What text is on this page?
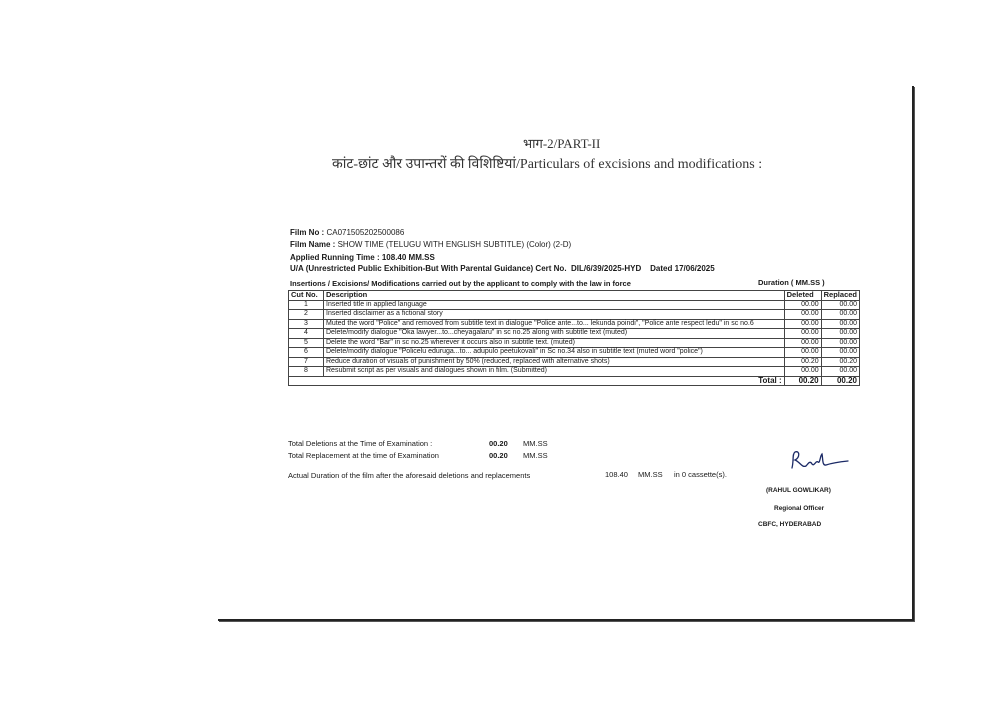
भाग-2/PART-II
कांट-छांट और उपान्तरों की विशिष्टियां/Particulars of excisions and modifications :
Film No : CA071505202500086
Film Name : SHOW TIME (TELUGU WITH ENGLISH SUBTITLE) (Color) (2-D)
Applied Running Time : 108.40 MM.SS
U/A (Unrestricted Public Exhibition-But With Parental Guidance) Cert No. DIL/6/39/2025-HYD Dated 17/06/2025
Insertions / Excisions/ Modifications carried out by the applicant to comply with the law in force	Duration ( MM.SS )
Cut No.	Description	Deleted	Replaced
1	Inserted title in applied language	00.00	00.00
2	Inserted disclaimer as a fictional story	00.00	00.00
3	Muted the word "Police" and removed from subtitle text in dialogue "Police ante...to... lekunda poindi", "Police ante respect ledu" in sc no.6	00.00	00.00
4	Delete/modify dialogue "Oka lawyer...to...cheyagalaru" in sc no.25 along with subtitle text (muted)	00.00	00.00
5	Delete the word "Bar" in sc no.25 wherever it occurs also in subtitle text. (muted)	00.00	00.00
6	Delete/modify dialogue "Policelu eduruga...to... adupulo peetukovali" in Sc no.34 also in subtitle text (muted word "police")	00.00	00.00
7	Reduce duration of visuals of punishment by 50% (reduced, replaced with alternative shots)	00.20	00.20
8	Resubmit script as per visuals and dialogues shown in film. (Submitted)	00.00	00.00
Total :		00.20	00.20
Total Deletions at the Time of Examination :	00.20 MM.SS
Total Replacement at the time of Examination	00.20 MM.SS
Actual Duration of the film after the aforesaid deletions and replacements	108.40 MM.SS in 0 cassette(s).
(RAHUL GOWLIKAR)
Regional Officer
CBFC, HYDERABAD
